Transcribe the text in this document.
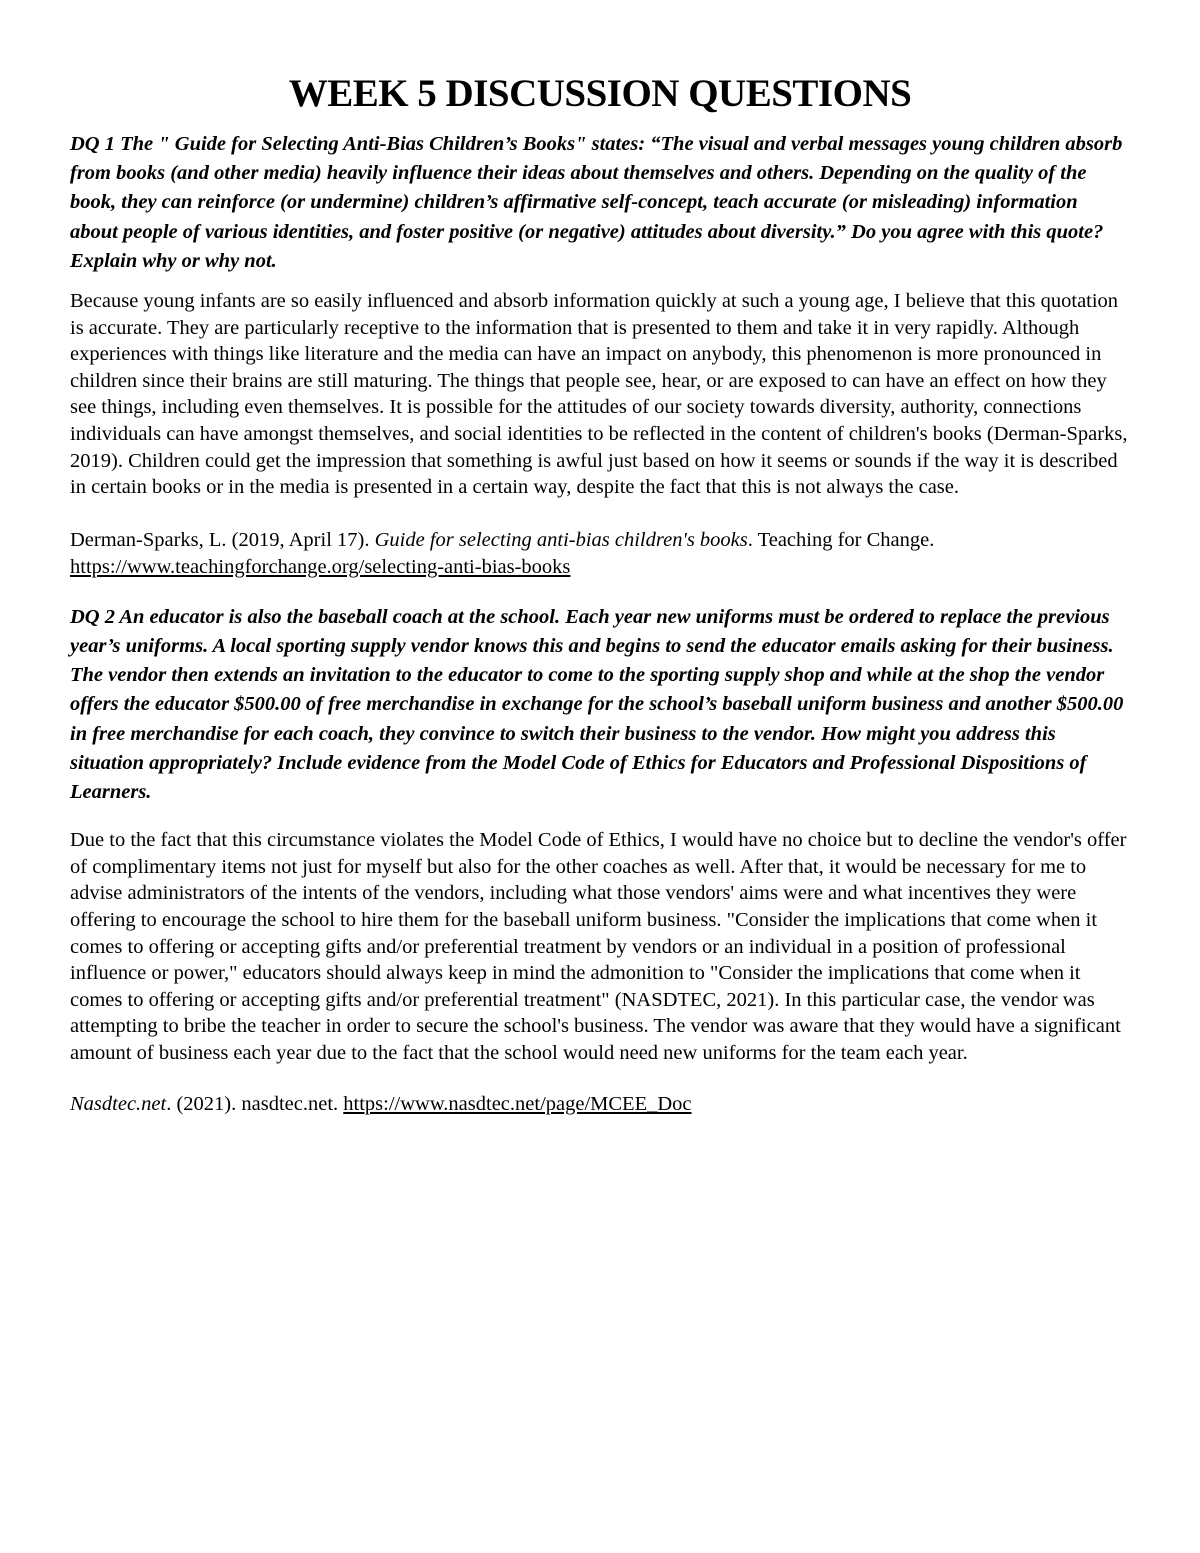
WEEK 5 DISCUSSION QUESTIONS

DQ 1 The " Guide for Selecting Anti-Bias Children’s Books" states: “The visual and verbal messages young children absorb from books (and other media) heavily influence their ideas about themselves and others. Depending on the quality of the book, they can reinforce (or undermine) children’s affirmative self-concept, teach accurate (or misleading) information about people of various identities, and foster positive (or negative) attitudes about diversity.” Do you agree with this quote? Explain why or why not.

Because young infants are so easily influenced and absorb information quickly at such a young age, I believe that this quotation is accurate. They are particularly receptive to the information that is presented to them and take it in very rapidly. Although experiences with things like literature and the media can have an impact on anybody, this phenomenon is more pronounced in children since their brains are still maturing. The things that people see, hear, or are exposed to can have an effect on how they see things, including even themselves. It is possible for the attitudes of our society towards diversity, authority, connections individuals can have amongst themselves, and social identities to be reflected in the content of children's books (Derman-Sparks, 2019). Children could get the impression that something is awful just based on how it seems or sounds if the way it is described in certain books or in the media is presented in a certain way, despite the fact that this is not always the case.

Derman-Sparks, L. (2019, April 17). Guide for selecting anti-bias children's books. Teaching for Change. https://www.teachingforchange.org/selecting-anti-bias-books

DQ 2 An educator is also the baseball coach at the school. Each year new uniforms must be ordered to replace the previous year’s uniforms. A local sporting supply vendor knows this and begins to send the educator emails asking for their business. The vendor then extends an invitation to the educator to come to the sporting supply shop and while at the shop the vendor offers the educator $500.00 of free merchandise in exchange for the school’s baseball uniform business and another $500.00 in free merchandise for each coach, they convince to switch their business to the vendor. How might you address this situation appropriately? Include evidence from the Model Code of Ethics for Educators and Professional Dispositions of Learners.

Due to the fact that this circumstance violates the Model Code of Ethics, I would have no choice but to decline the vendor's offer of complimentary items not just for myself but also for the other coaches as well. After that, it would be necessary for me to advise administrators of the intents of the vendors, including what those vendors' aims were and what incentives they were offering to encourage the school to hire them for the baseball uniform business. "Consider the implications that come when it comes to offering or accepting gifts and/or preferential treatment by vendors or an individual in a position of professional influence or power," educators should always keep in mind the admonition to "Consider the implications that come when it comes to offering or accepting gifts and/or preferential treatment" (NASDTEC, 2021). In this particular case, the vendor was attempting to bribe the teacher in order to secure the school's business. The vendor was aware that they would have a significant amount of business each year due to the fact that the school would need new uniforms for the team each year.

Nasdtec.net. (2021). nasdtec.net. https://www.nasdtec.net/page/MCEE_Doc
